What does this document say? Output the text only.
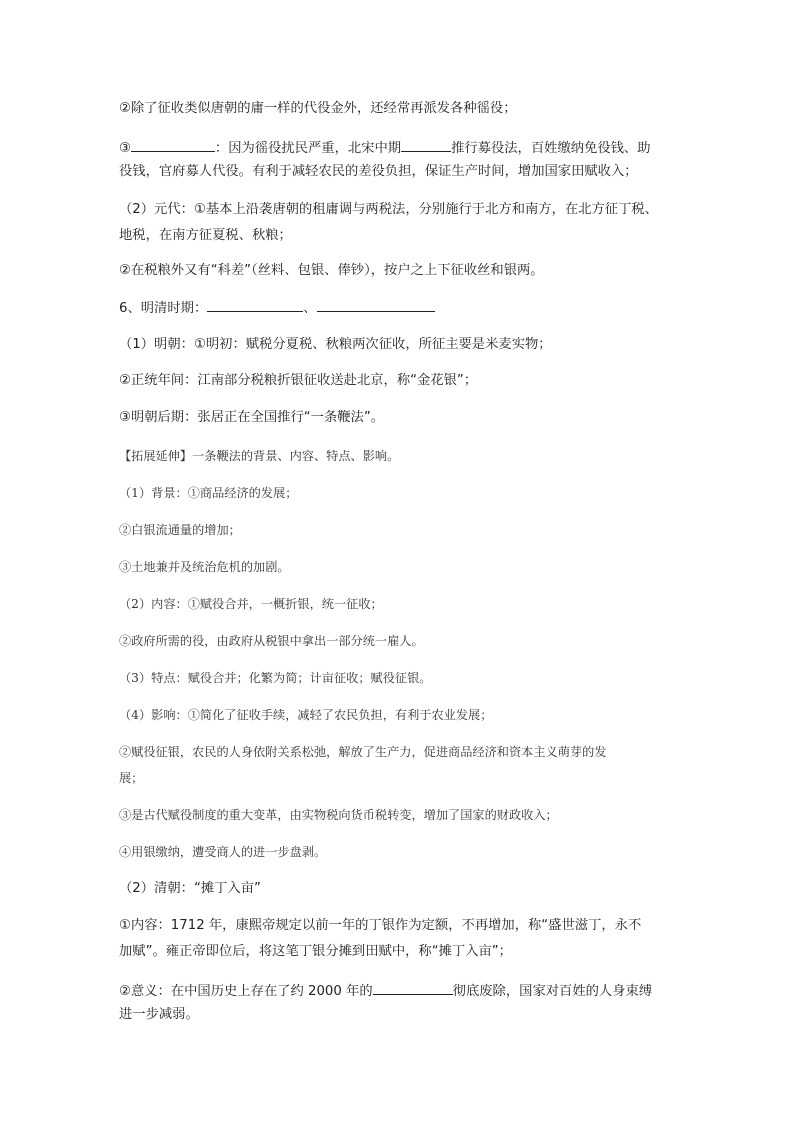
②除了征收类似唐朝的庸一样的代役金外，还经常再派发各种徭役；
③	：因为徭役扰民严重，北宋中期	推行募役法，百姓缴纳免役钱、助
役钱，官府募人代役。有利于减轻农民的差役负担，保证生产时间，增加国家田赋收入；
（2）元代：①基本上沿袭唐朝的租庸调与两税法，分别施行于北方和南方，在北方征丁税、
地税，在南方征夏税、秋粮；
②在税粮外又有“科差”（丝料、包银、俸钞），按户之上下征收丝和银两。
6、明清时期：	、
（1）明朝：①明初：赋税分夏税、秋粮两次征收，所征主要是米麦实物；
②正统年间：江南部分税粮折银征收送赴北京，称“金花银”；
③明朝后期：张居正在全国推行“一条鞭法”。
【拓展延伸】一条鞭法的背景、内容、特点、影响。
（1）背景：①商品经济的发展；
②白银流通量的增加；
③土地兼并及统治危机的加剧。
（2）内容：①赋役合并，一概折银，统一征收；
②政府所需的役，由政府从税银中拿出一部分统一雇人。
（3）特点：赋役合并；化繁为简；计亩征收；赋役征银。
（4）影响：①简化了征收手续，减轻了农民负担，有利于农业发展；
②赋役征银，农民的人身依附关系松弛，解放了生产力，促进商品经济和资本主义萌芽的发
展；
③是古代赋役制度的重大变革，由实物税向货币税转变，增加了国家的财政收入；
④用银缴纳，遭受商人的进一步盘剥。
（2）清朝：“摊丁入亩”
①内容：1712 年，康熙帝规定以前一年的丁银作为定额，不再增加，称“盛世滋丁，永不
加赋”。雍正帝即位后，将这笔丁银分摊到田赋中，称“摊丁入亩”；
②意义：在中国历史上存在了约 2000 年的	彻底废除，国家对百姓的人身束缚
进一步减弱。
